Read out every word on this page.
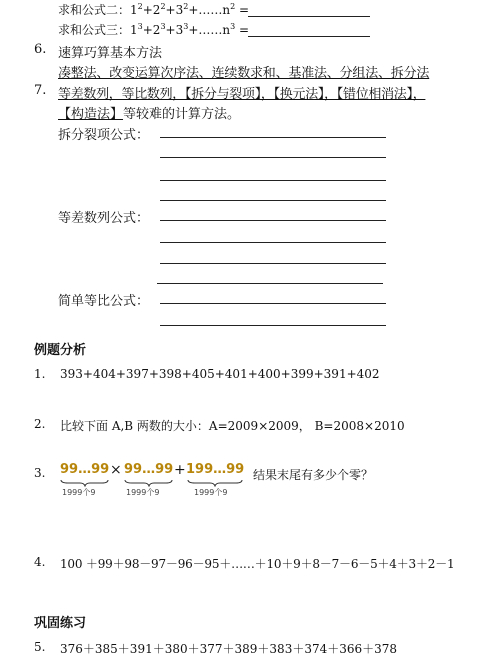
求和公式二：$1^2+2^2+3^2+\dots\dots n^2$ =
求和公式三：$1^3+2^3+3^3+\dots\dots n^3$ =
6. 速算巧算基本方法
凑整法、改变运算次序法、连续数求和、基准法、分组法、拆分法
7. 等差数列，等比数列，【拆分与裂项】，【换元法】，【错位相消法】，
【构造法】等较难的计算方法。
拆分裂项公式：
等差数列公式：
简单等比公式：
例题分析
1. 393+404+397+398+405+401+400+399+391+402
2. 比较下面 A,B 两数的大小：A=2009×2009， B=2008×2010
3. 99…99 × 99…99 + 199…99
1999个9	1999个9	1999个9
结果末尾有多少个零？
4. 100 ＋99＋98－97－96－95＋……＋10＋9＋8－7－6－5＋4＋3＋2－1
巩固练习
5. 376＋385＋391＋380＋377＋389＋383＋374＋366＋378
